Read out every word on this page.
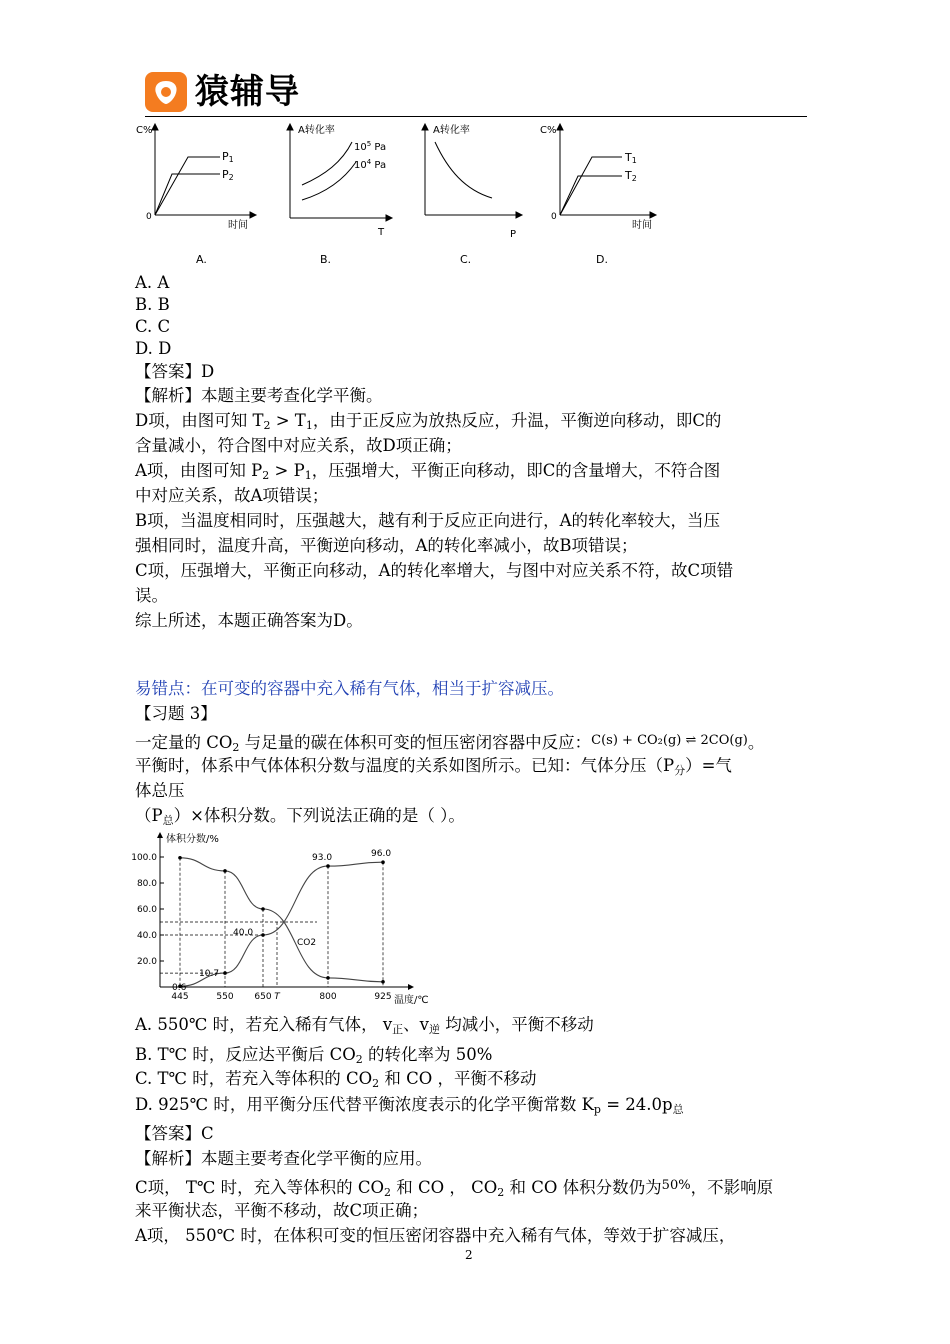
猿辅导
C%
0
时间
P1
P2
A.
A转化率
T
$10^5$ Pa
$10^4$ Pa
B.
A转化率
P
C.
C%
0
时间
T1
T2
D.
A. A
B. B
C. C
D. D
【答案】D
【解析】本题主要考查化学平衡。
D项，由图可知 $T_2 > T_1$，由于正反应为放热反应，升温，平衡逆向移动，即C的
含量减小，符合图中对应关系，故D项正确；
A项，由图可知 $P_2 > P_1$，压强增大，平衡正向移动，即C的含量增大，不符合图
中对应关系，故A项错误；
B项，当温度相同时，压强越大，越有利于反应正向进行，A的转化率较大，当压
强相同时，温度升高，平衡逆向移动，A的转化率减小，故B项错误；
C项，压强增大，平衡正向移动，A的转化率增大，与图中对应关系不符，故C项错
误。
综上所述，本题正确答案为D。
易错点：在可变的容器中充入稀有气体，相当于扩容减压。
【习题 3】
一定量的 $CO_2$ 与足量的碳在体积可变的恒压密闭容器中反应：$^{C(s) + CO_2(g) \rightleftharpoons 2CO(g)}$。
平衡时，体系中气体体积分数与温度的关系如图所示。已知：气体分压$(P_分)=$气
体总压
$(P_总)\times$体积分数。下列说法正确的是（ ）。
体积分数/%
温度/℃
100.0
80.0
60.0
40.0
20.0
445	550 650 T	800	925
0.6
10.7
40.0
93.0	96.0
CO2
A. 550℃ 时，若充入稀有气体， $v_正$、$v_逆$ 均减小，平衡不移动
B. T℃ 时，反应达平衡后 $CO_2$ 的转化率为 50%
C. T℃ 时，若充入等体积的 $CO_2$ 和 CO ，平衡不移动
D. 925℃ 时，用平衡分压代替平衡浓度表示的化学平衡常数 $K_p = 24.0p_总$
【答案】C
【解析】本题主要考查化学平衡的应用。
C项， T℃ 时，充入等体积的 $CO_2$ 和 CO ， $CO_2$ 和 CO 体积分数仍为$^{50\%}$，不影响原
来平衡状态，平衡不移动，故C项正确；
A项， 550℃ 时，在体积可变的恒压密闭容器中充入稀有气体，等效于扩容减压，
2
